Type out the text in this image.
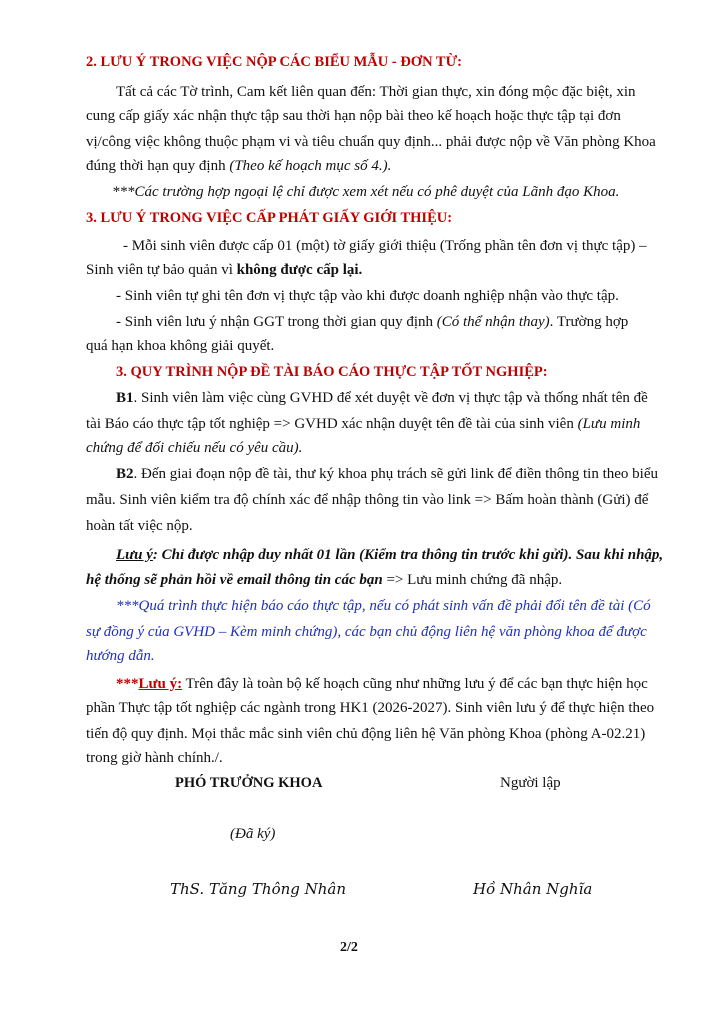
2. LƯU Ý TRONG VIỆC NỘP CÁC BIỂU MẪU - ĐƠN TỪ:
Tất cả các Tờ trình, Cam kết liên quan đến: Thời gian thực, xin đóng mộc đặc biệt, xin
cung cấp giấy xác nhận thực tập sau thời hạn nộp bài theo kế hoạch hoặc thực tập tại đơn
vị/công việc không thuộc phạm vi và tiêu chuẩn quy định... phải được nộp về Văn phòng Khoa
đúng thời hạn quy định (Theo kế hoạch mục số 4.).
***Các trường hợp ngoại lệ chỉ được xem xét nếu có phê duyệt của Lãnh đạo Khoa.
3. LƯU Ý TRONG VIỆC CẤP PHÁT GIẤY GIỚI THIỆU:
- Mỗi sinh viên được cấp 01 (một) tờ giấy giới thiệu (Trống phần tên đơn vị thực tập) –
Sinh viên tự bảo quản vì không được cấp lại.
- Sinh viên tự ghi tên đơn vị thực tập vào khi được doanh nghiệp nhận vào thực tập.
- Sinh viên lưu ý nhận GGT trong thời gian quy định (Có thể nhận thay). Trường hợp
quá hạn khoa không giải quyết.
3. QUY TRÌNH NỘP ĐỀ TÀI BÁO CÁO THỰC TẬP TỐT NGHIỆP:
B1. Sinh viên làm việc cùng GVHD để xét duyệt về đơn vị thực tập và thống nhất tên đề
tài Báo cáo thực tập tốt nghiệp => GVHD xác nhận duyệt tên đề tài của sinh viên (Lưu minh
chứng để đối chiếu nếu có yêu cầu).
B2. Đến giai đoạn nộp đề tài, thư ký khoa phụ trách sẽ gửi link để điền thông tin theo biểu
mẫu. Sinh viên kiểm tra độ chính xác để nhập thông tin vào link => Bấm hoàn thành (Gửi) để
hoàn tất việc nộp.
Lưu ý: Chỉ được nhập duy nhất 01 lần (Kiểm tra thông tin trước khi gửi). Sau khi nhập,
hệ thống sẽ phản hồi về email thông tin các bạn => Lưu minh chứng đã nhập.
***Quá trình thực hiện báo cáo thực tập, nếu có phát sinh vấn đề phải đổi tên đề tài (Có
sự đồng ý của GVHD – Kèm minh chứng), các bạn chủ động liên hệ văn phòng khoa để được
hướng dẫn.
***Lưu ý: Trên đây là toàn bộ kế hoạch cũng như những lưu ý để các bạn thực hiện học
phần Thực tập tốt nghiệp các ngành trong HK1 (2026-2027). Sinh viên lưu ý để thực hiện theo
tiến độ quy định. Mọi thắc mắc sinh viên chủ động liên hệ Văn phòng Khoa (phòng A-02.21)
trong giờ hành chính./.
PHÓ TRƯỞNG KHOA	Người lập
(Đã ký)
ThS. Tăng Thông Nhân	Hồ Nhân Nghĩa
2/2
